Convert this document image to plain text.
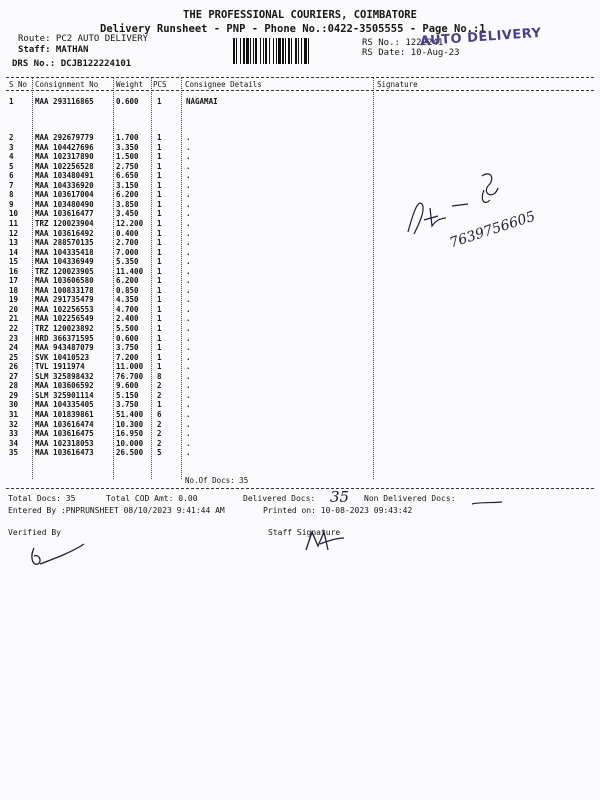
THE PROFESSIONAL COURIERS, COIMBATORE
Delivery Runsheet - PNP - Phone No.:0422-3505555 - Page No.:1
Route: PC2 AUTO DELIVERY
Staff: MATHAN
DRS No.: DCJB122224101
RS No.: 1222241
RS Date: 10-Aug-23
AUTO DELIVERY
S No Consignment No Weight PCS Consignee Details	Signature
1	MAA 293116865	0.600 1	NAGAMAI
2	MAA 292679779	1.700 1	.
3	MAA 104427696	3.350 1	.
4	MAA 102317890	1.500 1	.
5	MAA 102256528	2.750 1	.
6	MAA 103480491	6.650 1	.
7	MAA 104336920	3.150 1	.
8	MAA 103617004	6.200 1	.
9	MAA 103480490	3.850 1	.
10 MAA 103616477	3.450 1	.
11 TRZ 120023904	12.200 1	.
12 MAA 103616492	0.400 1	.
13 MAA 288570135	2.700 1	.
14 MAA 104335418	7.000 1	.
15 MAA 104336949	5.350 1	.
16 TRZ 120023905	11.400 1	.
17 MAA 103606580	6.200 1	.
18 MAA 100833178	0.850 1	.
19 MAA 291735479	4.350 1	.
20 MAA 102256553	4.700 1	.
21 MAA 102256549	2.400 1	.
22 TRZ 120023892	5.500 1	.
23 HRD 366371595	0.600 1	.
24 MAA 943487079	3.750 1	.
25 SVK 10410523	7.200 1	.
26 TVL 1911974	11.000 1	.
27 SLM 325898432	76.700 8	.
28 MAA 103606592	9.600 2	.
29 SLM 325901114	5.150 2	.
30 MAA 104335405	3.750 1	.
31 MAA 101839861	51.400 6	.
32 MAA 103616474	10.300 2	.
33 MAA 103616475	16.950 2	.
34 MAA 102318053	10.000 2	.
35 MAA 103616473	26.500 5	.
No.Of Docs: 35
7639756605
Total Docs: 35	Total COD Amt: 0.00	Delivered Docs: 35 Non Delivered Docs:
Entered By :PNPRUNSHEET 08/10/2023 9:41:44 AM	Printed on: 10-08-2023 09:43:42
Verified By	Staff Signature
